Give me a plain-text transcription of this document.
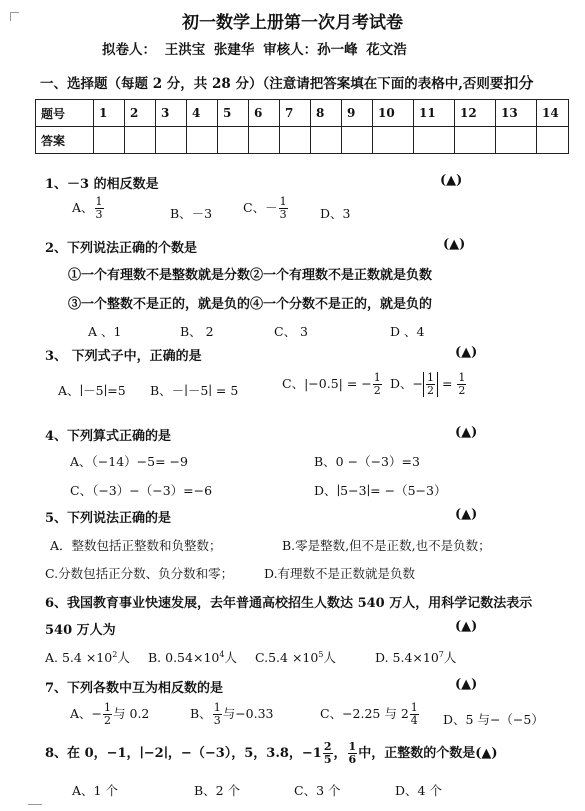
初一数学上册第一次月考试卷
拟卷人： 王洪宝 张建华 审核人：孙一峰 花文浩
一、选择题（每题 2 分，共 28 分）（注意请把答案填在下面的表格中,否则要扣分
题号	1	2	3	4	5	6	7	8	9	10	11	12	13	14
答案														
1、－3 的相反数是	(▲)
A、 $\frac{1}{3}$	B、－3 C、－ $\frac{1}{3}$	D、3
2、下列说法正确的个数是	(▲)
①一个有理数不是整数就是分数②一个有理数不是正数就是负数
③一个整数不是正的，就是负的④一个分数不是正的，就是负的
A 、1	B、 2	C、 3	D 、4
3、 下列式子中，正确的是	(▲)
A、∣－5∣=5 B、－∣－5∣ = 5	C、|−0.5| = − $\frac{1}{2}$ D、− $\frac{1}{2} = \frac{1}{2}$
4、下列算式正确的是	(▲)
A、（−14）−5= −9	B、0 −（−3）=3
C、（−3）−（−3）=−6	D、∣5−3∣= −（5−3）
5、下列说法正确的是	(▲)
A．整数包括正整数和负整数；	B.零是整数,但不是正数,也不是负数；
C.分数包括正分数、负分数和零； D.有理数不是正数就是负数
6、我国教育事业快速发展，去年普通高校招生人数达 540 万人，用科学记数法表示
540 万人为	(▲)
A. $5.4 \times 10^2$人 B. $0.54\times 10^4$人 $C.5.4 \times 10^5$人	D. $5.4\times 10^7$人
7、下列各数中互为相反数的是	(▲)
A、− $\frac{1}{2}$ 与 0.2	B、 $\frac{1}{3}$ 与−0.33	C、−2.25 与 $2 \frac{1}{4}$ D、5 与−（−5）
8、在 0，−1，∣−2∣，−（−3），5，3.8，$-1 \frac{2}{5}$ ， $\frac{1}{6}$ 中，正整数的个数是(▲)
A、1 个	B、2 个	C、3 个	D、4 个
